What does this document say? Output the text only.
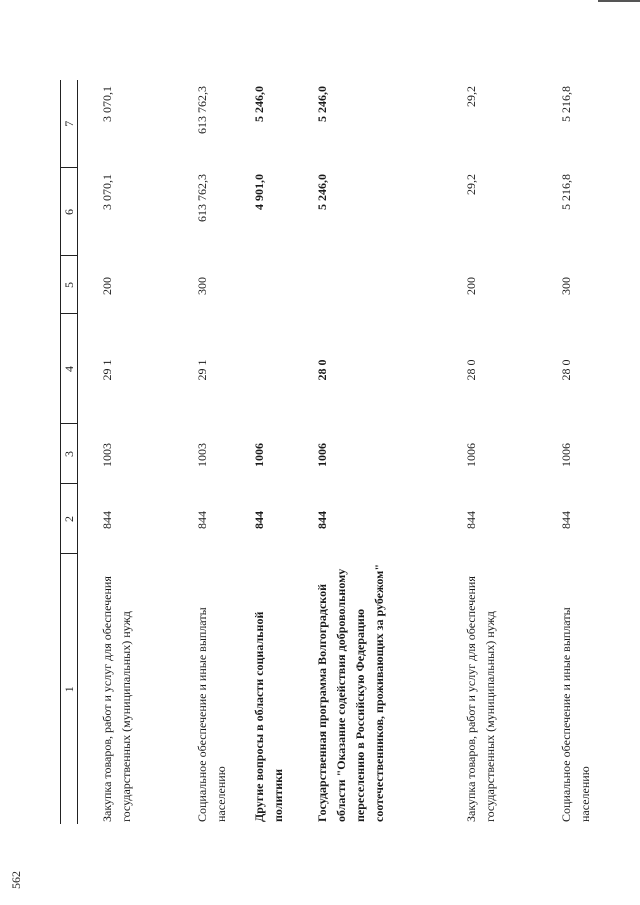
562
1	2	3	4	5	6	7

Закупка товаров, работ и услуг для обеспечения государственных (муниципальных) нужд	844	1003	29 1	200	3 070,1	3 070,1
Социальное обеспечение и иные выплаты населению	844	1003	29 1	300	613 762,3	613 762,3
Другие вопросы в области социальной политики	844	1006			4 901,0	5 246,0
Государственная программа Волгоградской области "Оказание содействия добровольному переселению в Российскую Федерацию соотечественников, проживающих за рубежом"	844	1006	28 0		5 246,0	5 246,0
Закупка товаров, работ и услуг для обеспечения государственных (муниципальных) нужд	844	1006	28 0	200	29,2	29,2
Социальное обеспечение и иные выплаты населению	844	1006	28 0	300	5 216,8	5 216,8
